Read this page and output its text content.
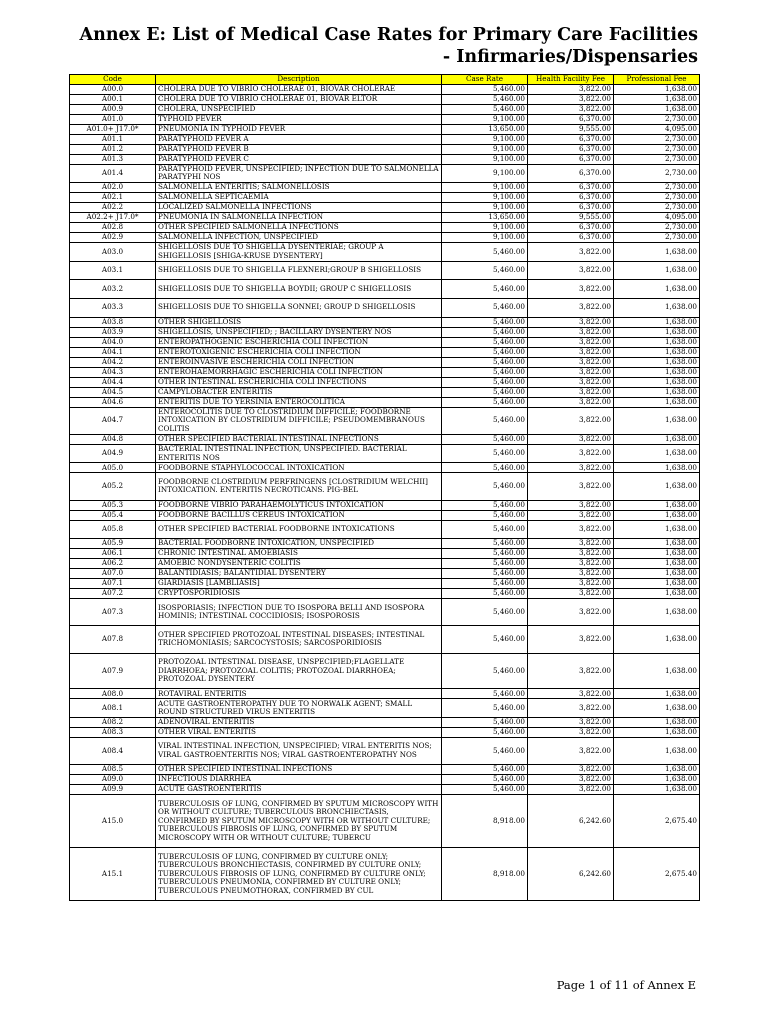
Annex E: List of Medical Case Rates for Primary Care Facilities
- Infirmaries/Dispensaries
Code	Description	Case Rate	Health Facility Fee	Professional Fee
A00.0	CHOLERA DUE TO VIBRIO CHOLERAE 01, BIOVAR CHOLERAE	5,460.00	3,822.00	1,638.00
A00.1	CHOLERA DUE TO VIBRIO CHOLERAE 01, BIOVAR ELTOR	5,460.00	3,822.00	1,638.00
A00.9	CHOLERA, UNSPECIFIED	5,460.00	3,822.00	1,638.00
A01.0	TYPHOID FEVER	9,100.00	6,370.00	2,730.00
A01.0+ J17.0*	PNEUMONIA IN TYPHOID FEVER	13,650.00	9,555.00	4,095.00
A01.1	PARATYPHOID FEVER A	9,100.00	6,370.00	2,730.00
A01.2	PARATYPHOID FEVER B	9,100.00	6,370.00	2,730.00
A01.3	PARATYPHOID FEVER C	9,100.00	6,370.00	2,730.00
A01.4	PARATYPHOID FEVER, UNSPECIFIED; INFECTION DUE TO SALMONELLA PARATYPHI NOS	9,100.00	6,370.00	2,730.00
A02.0	SALMONELLA ENTERITIS; SALMONELLOSIS	9,100.00	6,370.00	2,730.00
A02.1	SALMONELLA SEPTICAEMIA	9,100.00	6,370.00	2,730.00
A02.2	LOCALIZED SALMONELLA INFECTIONS	9,100.00	6,370.00	2,730.00
A02.2+ J17.0*	PNEUMONIA IN SALMONELLA INFECTION	13,650.00	9,555.00	4,095.00
A02.8	OTHER SPECIFIED SALMONELLA INFECTIONS	9,100.00	6,370.00	2,730.00
A02.9	SALMONELLA INFECTION, UNSPECIFIED	9,100.00	6,370.00	2,730.00
A03.0	SHIGELLOSIS DUE TO SHIGELLA DYSENTERIAE; GROUP A SHIGELLOSIS [SHIGA-KRUSE DYSENTERY]	5,460.00	3,822.00	1,638.00
A03.1	SHIGELLOSIS DUE TO SHIGELLA FLEXNERI;GROUP B SHIGELLOSIS	5,460.00	3,822.00	1,638.00
A03.2	SHIGELLOSIS DUE TO SHIGELLA BOYDII; GROUP C SHIGELLOSIS	5,460.00	3,822.00	1,638.00
A03.3	SHIGELLOSIS DUE TO SHIGELLA SONNEI; GROUP D SHIGELLOSIS	5,460.00	3,822.00	1,638.00
A03.8	OTHER SHIGELLOSIS	5,460.00	3,822.00	1,638.00
A03.9	SHIGELLOSIS, UNSPECIFIED; ; BACILLARY DYSENTERY NOS	5,460.00	3,822.00	1,638.00
A04.0	ENTEROPATHOGENIC ESCHERICHIA COLI INFECTION	5,460.00	3,822.00	1,638.00
A04.1	ENTEROTOXIGENIC ESCHERICHIA COLI INFECTION	5,460.00	3,822.00	1,638.00
A04.2	ENTEROINVASIVE ESCHERICHIA COLI INFECTION	5,460.00	3,822.00	1,638.00
A04.3	ENTEROHAEMORRHAGIC ESCHERICHIA COLI INFECTION	5,460.00	3,822.00	1,638.00
A04.4	OTHER INTESTINAL ESCHERICHIA COLI INFECTIONS	5,460.00	3,822.00	1,638.00
A04.5	CAMPYLOBACTER ENTERITIS	5,460.00	3,822.00	1,638.00
A04.6	ENTERITIS DUE TO YERSINIA ENTEROCOLITICA	5,460.00	3,822.00	1,638.00
A04.7	ENTEROCOLITIS DUE TO CLOSTRIDIUM DIFFICILE; FOODBORNE INTOXICATION BY CLOSTRIDIUM DIFFICILE; PSEUDOMEMBRANOUS COLITIS	5,460.00	3,822.00	1,638.00
A04.8	OTHER SPECIFIED BACTERIAL INTESTINAL INFECTIONS	5,460.00	3,822.00	1,638.00
A04.9	BACTERIAL INTESTINAL INFECTION, UNSPECIFIED. BACTERIAL ENTERITIS NOS	5,460.00	3,822.00	1,638.00
A05.0	FOODBORNE STAPHYLOCOCCAL INTOXICATION	5,460.00	3,822.00	1,638.00
A05.2	FOODBORNE CLOSTRIDIUM PERFRINGENS [CLOSTRIDIUM WELCHII] INTOXICATION. ENTERITIS NECROTICANS. PIG-BEL	5,460.00	3,822.00	1,638.00
A05.3	FOODBORNE VIBRIO PARAHAEMOLYTICUS INTOXICATION	5,460.00	3,822.00	1,638.00
A05.4	FOODBORNE BACILLUS CEREUS INTOXICATION	5,460.00	3,822.00	1,638.00
A05.8	OTHER SPECIFIED BACTERIAL FOODBORNE INTOXICATIONS	5,460.00	3,822.00	1,638.00
A05.9	BACTERIAL FOODBORNE INTOXICATION, UNSPECIFIED	5,460.00	3,822.00	1,638.00
A06.1	CHRONIC INTESTINAL AMOEBIASIS	5,460.00	3,822.00	1,638.00
A06.2	AMOEBIC NONDYSENTERIC COLITIS	5,460.00	3,822.00	1,638.00
A07.0	BALANTIDIASIS; BALANTIDIAL DYSENTERY	5,460.00	3,822.00	1,638.00
A07.1	GIARDIASIS [LAMBLIASIS]	5,460.00	3,822.00	1,638.00
A07.2	CRYPTOSPORIDIOSIS	5,460.00	3,822.00	1,638.00
A07.3	ISOSPORIASIS; INFECTION DUE TO ISOSPORA BELLI AND ISOSPORA HOMINIS; INTESTINAL COCCIDIOSIS; ISOSPOROSIS	5,460.00	3,822.00	1,638.00
A07.8	OTHER SPECIFIED PROTOZOAL INTESTINAL DISEASES; INTESTINAL TRICHOMONIASIS; SARCOCYSTOSIS; SARCOSPORIDIOSIS	5,460.00	3,822.00	1,638.00
A07.9	PROTOZOAL INTESTINAL DISEASE, UNSPECIFIED;FLAGELLATE DIARRHOEA; PROTOZOAL COLITIS; PROTOZOAL DIARRHOEA; PROTOZOAL DYSENTERY	5,460.00	3,822.00	1,638.00
A08.0	ROTAVIRAL ENTERITIS	5,460.00	3,822.00	1,638.00
A08.1	ACUTE GASTROENTEROPATHY DUE TO NORWALK AGENT; SMALL ROUND STRUCTURED VIRUS ENTERITIS	5,460.00	3,822.00	1,638.00
A08.2	ADENOVIRAL ENTERITIS	5,460.00	3,822.00	1,638.00
A08.3	OTHER VIRAL ENTERITIS	5,460.00	3,822.00	1,638.00
A08.4	VIRAL INTESTINAL INFECTION, UNSPECIFIED; VIRAL ENTERITIS NOS; VIRAL GASTROENTERITIS NOS; VIRAL GASTROENTEROPATHY NOS	5,460.00	3,822.00	1,638.00
A08.5	OTHER SPECIFIED INTESTINAL INFECTIONS	5,460.00	3,822.00	1,638.00
A09.0	INFECTIOUS DIARRHEA	5,460.00	3,822.00	1,638.00
A09.9	ACUTE GASTROENTERITIS	5,460.00	3,822.00	1,638.00
A15.0	TUBERCULOSIS OF LUNG, CONFIRMED BY SPUTUM MICROSCOPY WITH OR WITHOUT CULTURE; TUBERCULOUS BRONCHIECTASIS, CONFIRMED BY SPUTUM MICROSCOPY WITH OR WITHOUT CULTURE; TUBERCULOUS FIBROSIS OF LUNG, CONFIRMED BY SPUTUM MICROSCOPY WITH OR WITHOUT CULTURE; TUBERCU	8,918.00	6,242.60	2,675.40
A15.1	TUBERCULOSIS OF LUNG, CONFIRMED BY CULTURE ONLY; TUBERCULOUS BRONCHIECTASIS, CONFIRMED BY CULTURE ONLY; TUBERCULOUS FIBROSIS OF LUNG, CONFIRMED BY CULTURE ONLY; TUBERCULOUS PNEUMONIA, CONFIRMED BY CULTURE ONLY; TUBERCULOUS PNEUMOTHORAX, CONFIRMED BY CUL	8,918.00	6,242.60	2,675.40
Page 1 of 11 of Annex E
